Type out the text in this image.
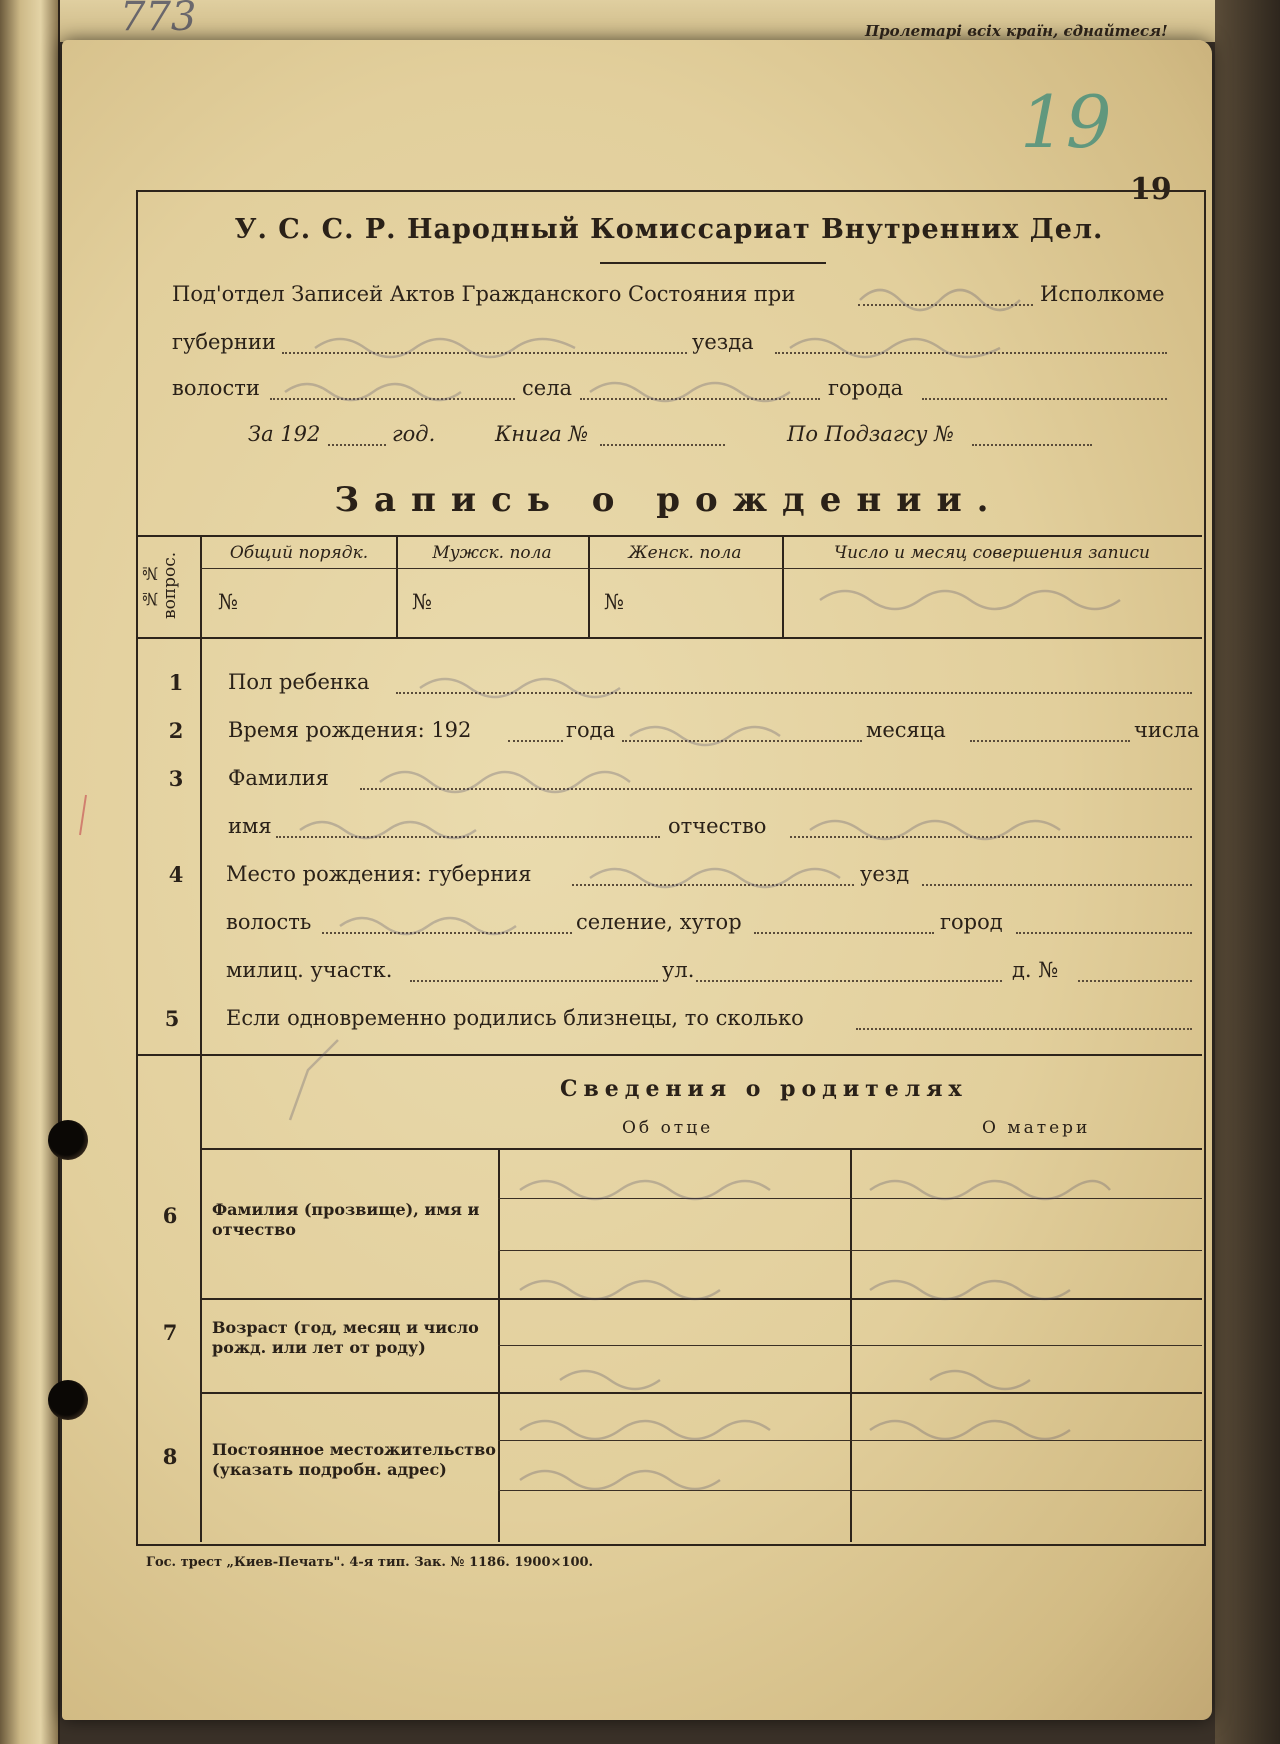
773	Пролетарі всіх країн, єднайтеся!
19
19
У. С. С. Р. Народный Комиссариат Внутренних Дел.
Под'отдел Записей Актов Гражданского Состояния при	Исполкоме
губернии	уезда
волости	села	города
За 192	год.	Книга №	По Подзагсу №
Запись о рождении.
№ № вопрос.	Общий порядк.	Мужск. пола	Женск. пола	Число и месяц совершения записи
№	№	№
1	Пол ребенка
2	Время рождения: 192	года	месяца	числа
3	Фамилия
имя	отчество
4	Место рождения: губерния	уезд
волость	селение, хутор	город
милиц. участк.	ул.	д. №
5	Если одновременно родились близнецы, то сколько
Сведения о родителях
Об отце	О матери
6	Фамилия (прозвище), имя и отчество
7	Возраст (год, месяц и число рожд. или лет от роду)
8	Постоянное местожительство (указать подробн. адрес)
Гос. трест „Киев-Печать". 4-я тип. Зак. № 1186. 1900×100.
